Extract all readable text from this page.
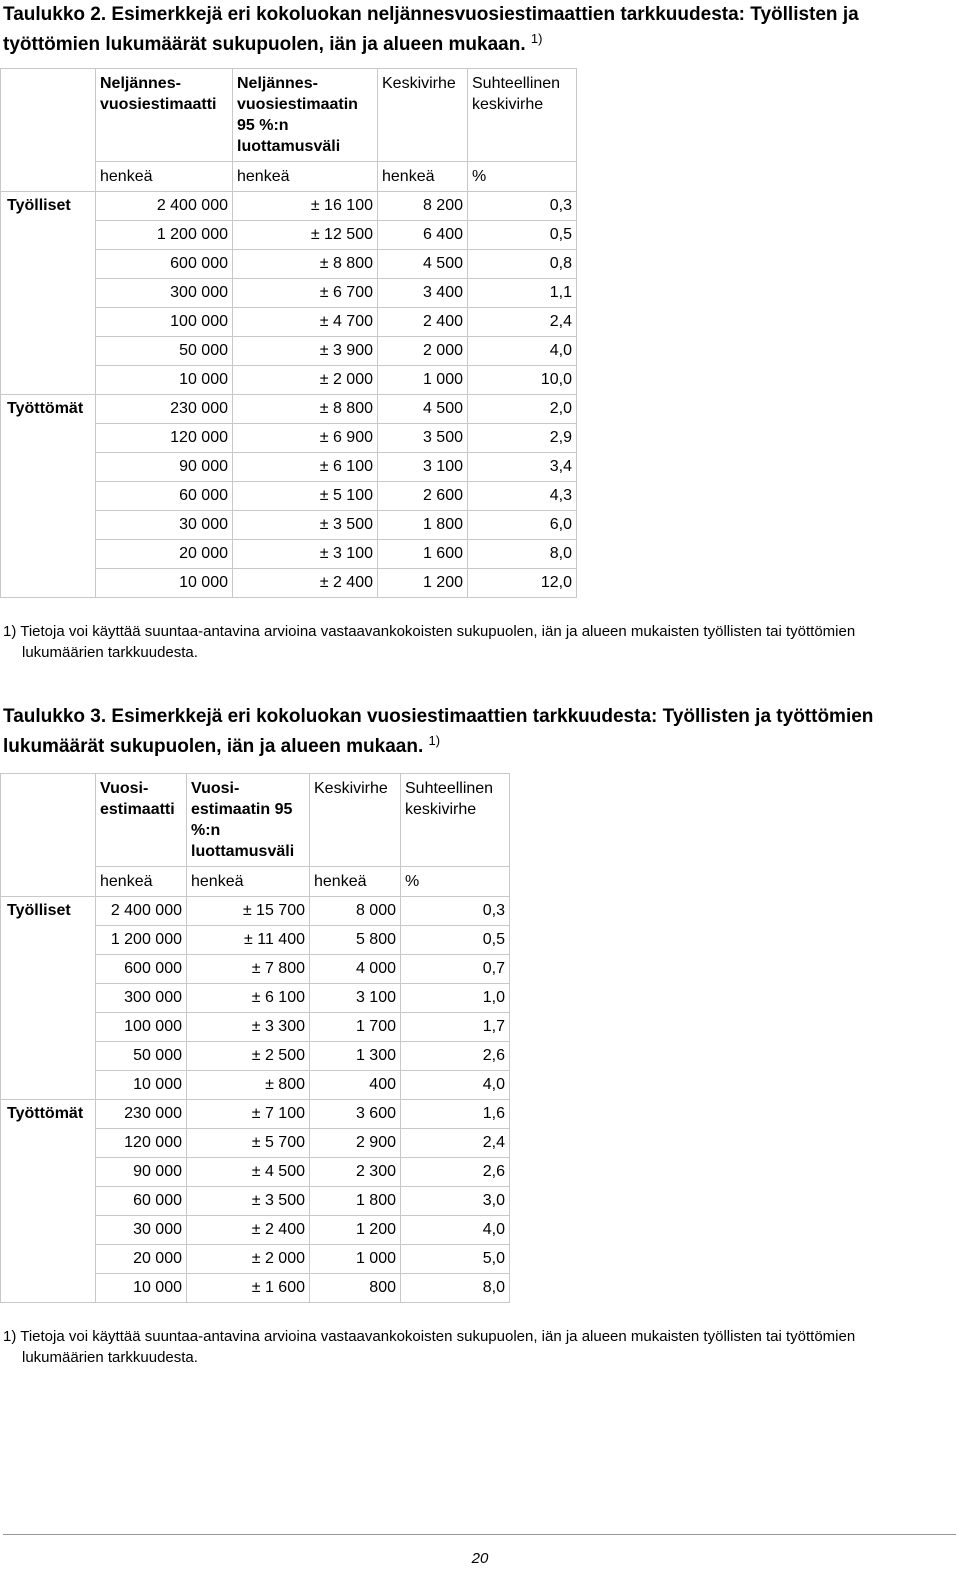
Taulukko 2. Esimerkkejä eri kokoluokan neljännesvuosiestimaattien tarkkuudesta: Työllisten ja työttömien lukumäärät sukupuolen, iän ja alueen mukaan. $^{1)}$
	Neljännes-vuosiestimaatti	Neljännes-vuosiestimaatin 95 %:n luottamusväli	Keskivirhe	Suhteellinen keskivirhe
	henkeä	henkeä	henkeä	%
Työlliset	2 400 000	± 16 100	8 200	0,3
	1 200 000	± 12 500	6 400	0,5
	600 000	± 8 800	4 500	0,8
	300 000	± 6 700	3 400	1,1
	100 000	± 4 700	2 400	2,4
	50 000	± 3 900	2 000	4,0
	10 000	± 2 000	1 000	10,0
Työttömät	230 000	± 8 800	4 500	2,0
	120 000	± 6 900	3 500	2,9
	90 000	± 6 100	3 100	3,4
	60 000	± 5 100	2 600	4,3
	30 000	± 3 500	1 800	6,0
	20 000	± 3 100	1 600	8,0
	10 000	± 2 400	1 200	12,0
1) Tietoja voi käyttää suuntaa-antavina arvioina vastaavankokoisten sukupuolen, iän ja alueen mukaisten työllisten tai työttömien
lukumäärien tarkkuudesta.
Taulukko 3. Esimerkkejä eri kokoluokan vuosiestimaattien tarkkuudesta: Työllisten ja työttömien lukumäärät sukupuolen, iän ja alueen mukaan. $^{1)}$
	Vuosi-estimaatti	Vuosi-estimaatin 95 %:n luottamusväli	Keskivirhe	Suhteellinen keskivirhe
	henkeä	henkeä	henkeä	%
Työlliset	2 400 000	± 15 700	8 000	0,3
	1 200 000	± 11 400	5 800	0,5
	600 000	± 7 800	4 000	0,7
	300 000	± 6 100	3 100	1,0
	100 000	± 3 300	1 700	1,7
	50 000	± 2 500	1 300	2,6
	10 000	± 800	400	4,0
Työttömät	230 000	± 7 100	3 600	1,6
	120 000	± 5 700	2 900	2,4
	90 000	± 4 500	2 300	2,6
	60 000	± 3 500	1 800	3,0
	30 000	± 2 400	1 200	4,0
	20 000	± 2 000	1 000	5,0
	10 000	± 1 600	800	8,0
1) Tietoja voi käyttää suuntaa-antavina arvioina vastaavankokoisten sukupuolen, iän ja alueen mukaisten työllisten tai työttömien
lukumäärien tarkkuudesta.
20
